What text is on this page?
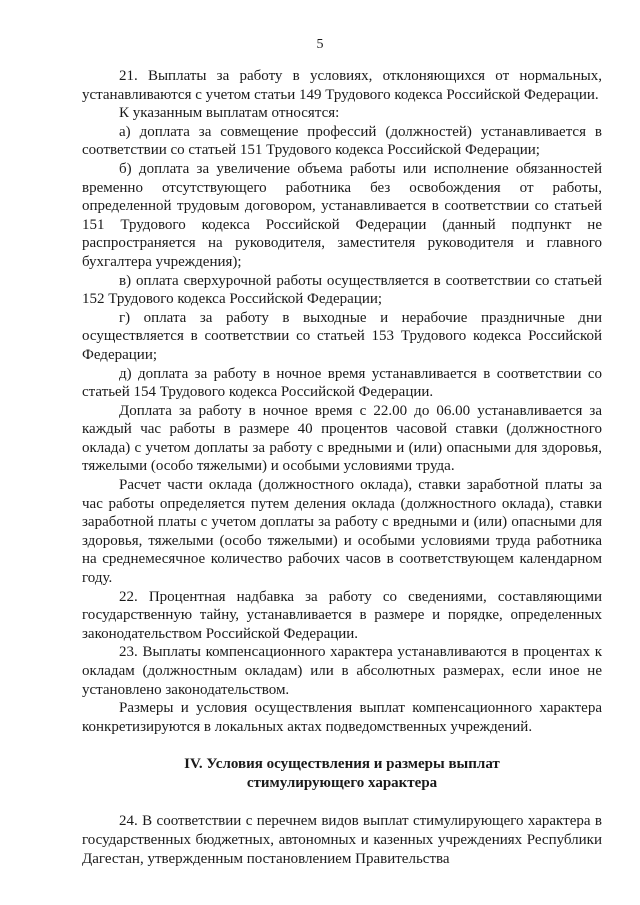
5

21. Выплаты за работу в условиях, отклоняющихся от нормальных, устанавливаются с учетом статьи 149 Трудового кодекса Российской Федерации.

К указанным выплатам относятся:

а) доплата за совмещение профессий (должностей) устанавливается в соответствии со статьей 151 Трудового кодекса Российской Федерации;

б) доплата за увеличение объема работы или исполнение обязанностей временно отсутствующего работника без освобождения от работы, определенной трудовым договором, устанавливается в соответствии со статьей 151 Трудового кодекса Российской Федерации (данный подпункт не распространяется на руководителя, заместителя руководителя и главного бухгалтера учреждения);

в) оплата сверхурочной работы осуществляется в соответствии со статьей 152 Трудового кодекса Российской Федерации;

г) оплата за работу в выходные и нерабочие праздничные дни осуществляется в соответствии со статьей 153 Трудового кодекса Российской Федерации;

д) доплата за работу в ночное время устанавливается в соответствии со статьей 154 Трудового кодекса Российской Федерации.

Доплата за работу в ночное время с 22.00 до 06.00 устанавливается за каждый час работы в размере 40 процентов часовой ставки (должностного оклада) с учетом доплаты за работу с вредными и (или) опасными для здоровья, тяжелыми (особо тяжелыми) и особыми условиями труда.

Расчет части оклада (должностного оклада), ставки заработной платы за час работы определяется путем деления оклада (должностного оклада), ставки заработной платы с учетом доплаты за работу с вредными и (или) опасными для здоровья, тяжелыми (особо тяжелыми) и особыми условиями труда работника на среднемесячное количество рабочих часов в соответствующем календарном году.

22. Процентная надбавка за работу со сведениями, составляющими государственную тайну, устанавливается в размере и порядке, определенных законодательством Российской Федерации.

23. Выплаты компенсационного характера устанавливаются в процентах к окладам (должностным окладам) или в абсолютных размерах, если иное не установлено законодательством.

Размеры и условия осуществления выплат компенсационного характера конкретизируются в локальных актах подведомственных учреждений.

IV. Условия осуществления и размеры выплат
стимулирующего характера

24. В соответствии с перечнем видов выплат стимулирующего характера в государственных бюджетных, автономных и казенных учреждениях Республики Дагестан, утвержденным постановлением Правительства
